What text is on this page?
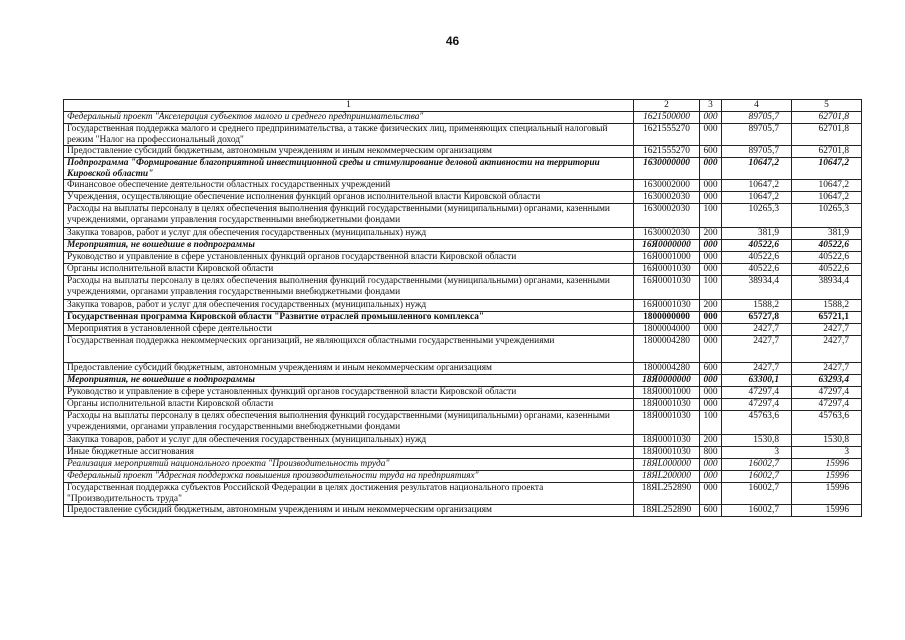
46
1	2	3	4	5
Федеральный проект "Акселерация субъектов малого и среднего предпринимательства"	1621500000	000	89705,7	62701,8
Государственная поддержка малого и среднего предпринимательства, а также физических лиц, применяющих специальный налоговый режим "Налог на профессиональный доход"	1621555270	000	89705,7	62701,8
Предоставление субсидий бюджетным, автономным учреждениям и иным некоммерческим организациям	1621555270	600	89705,7	62701,8
Подпрограмма "Формирование благоприятной инвестиционной среды и стимулирование деловой активности на территории Кировской области"	1630000000	000	10647,2	10647,2
Финансовое обеспечение деятельности областных государственных учреждений	1630002000	000	10647,2	10647,2
Учреждения, осуществляющие обеспечение исполнения функций органов исполнительной власти Кировской области	1630002030	000	10647,2	10647,2
Расходы на выплаты персоналу в целях обеспечения выполнения функций государственными (муниципальными) органами, казенными учреждениями, органами управления государственными внебюджетными фондами	1630002030	100	10265,3	10265,3
Закупка товаров, работ и услуг для обеспечения государственных (муниципальных) нужд	1630002030	200	381,9	381,9
Мероприятия, не вошедшие в подпрограммы	16Я0000000	000	40522,6	40522,6
Руководство и управление в сфере установленных функций органов государственной власти Кировской области	16Я0001000	000	40522,6	40522,6
Органы исполнительной власти Кировской области	16Я0001030	000	40522,6	40522,6
Расходы на выплаты персоналу в целях обеспечения выполнения функций государственными (муниципальными) органами, казенными учреждениями, органами управления государственными внебюджетными фондами	16Я0001030	100	38934,4	38934,4
Закупка товаров, работ и услуг для обеспечения государственных (муниципальных) нужд	16Я0001030	200	1588,2	1588,2
Государственная программа Кировской области "Развитие отраслей промышленного комплекса"	1800000000	000	65727,8	65721,1
Мероприятия в установленной сфере деятельности	1800004000	000	2427,7	2427,7
Государственная поддержка некоммерческих организаций, не являющихся областными государственными учреждениями	1800004280	000	2427,7	2427,7
Предоставление субсидий бюджетным, автономным учреждениям и иным некоммерческим организациям	1800004280	600	2427,7	2427,7
Мероприятия, не вошедшие в подпрограммы	18Я0000000	000	63300,1	63293,4
Руководство и управление в сфере установленных функций органов государственной власти Кировской области	18Я0001000	000	47297,4	47297,4
Органы исполнительной власти Кировской области	18Я0001030	000	47297,4	47297,4
Расходы на выплаты персоналу в целях обеспечения выполнения функций государственными (муниципальными) органами, казенными учреждениями, органами управления государственными внебюджетными фондами	18Я0001030	100	45763,6	45763,6
Закупка товаров, работ и услуг для обеспечения государственных (муниципальных) нужд	18Я0001030	200	1530,8	1530,8
Иные бюджетные ассигнования	18Я0001030	800	3	3
Реализация мероприятий национального проекта "Производительность труда"	18ЯL000000	000	16002,7	15996
Федеральный проект "Адресная поддержка повышения производительности труда на предприятиях"	18ЯL200000	000	16002,7	15996
Государственная поддержка субъектов Российской Федерации в целях достижения результатов национального проекта "Производительность труда"	18ЯL252890	000	16002,7	15996
Предоставление субсидий бюджетным, автономным учреждениям и иным некоммерческим организациям	18ЯL252890	600	16002,7	15996
